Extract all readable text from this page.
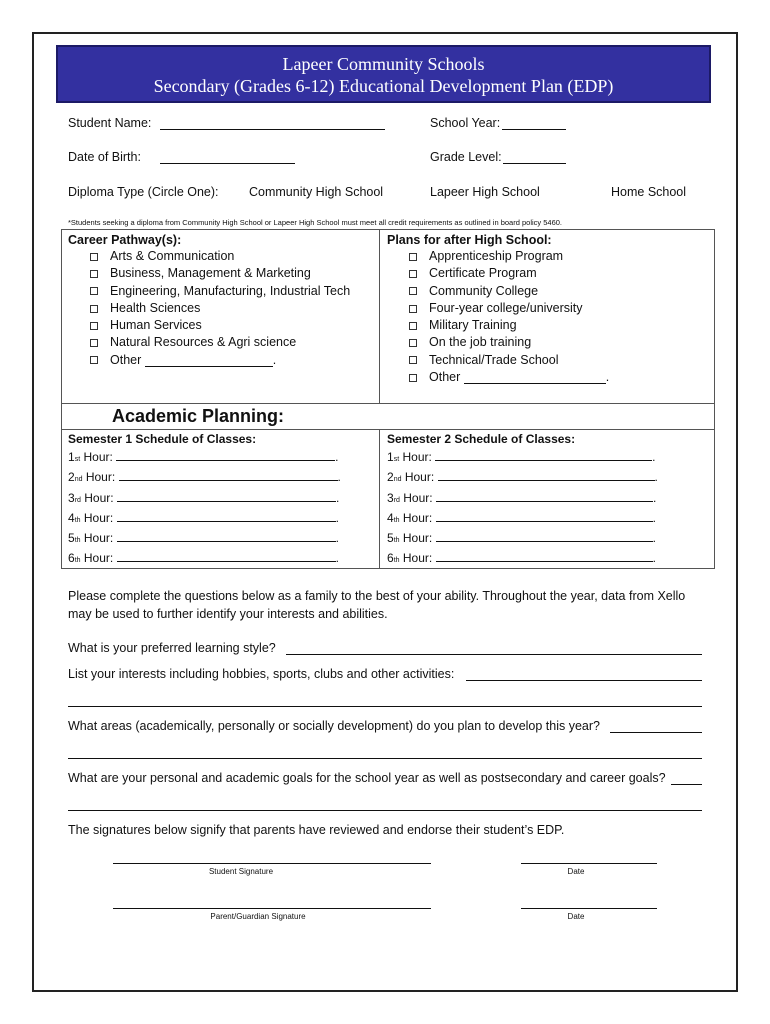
Lapeer Community Schools
Secondary (Grades 6-12) Educational Development Plan (EDP)
Student Name:	School Year:
Date of Birth:	Grade Level:
Diploma Type (Circle One): Community High School	Lapeer High School	Home School
*Students seeking a diploma from Community High School or Lapeer High School must meet all credit requirements as outlined in board policy 5460.
Career Pathway(s):
Arts & Communication
Business, Management & Marketing
Engineering, Manufacturing, Industrial Tech
Health Sciences
Human Services
Natural Resources & Agri science
Other
	.
Plans for after High School:
Apprenticeship Program
Certificate Program
Community College
Four-year college/university
Military Training
On the job training
Technical/Trade School
Other
	.
Academic Planning:
Semester 1 Schedule of Classes:
1 st
Hour:
	.
2 nd
Hour:
	.
3 rd
Hour:
	.
4 th
Hour:
	.
5 th
Hour:
	.
6 th
Hour:
	.
Semester 2 Schedule of Classes:
1 st
Hour:
	.
2 nd
Hour:
	.
3 rd
Hour:
	.
4 th
Hour:
	.
5 th
Hour:
	.
6 th
Hour:
	.
Please complete the questions below as a family to the best of your ability. Throughout the year, data from Xello may be used to further identify your interests and abilities.
What is your preferred learning style?
List your interests including hobbies, sports, clubs and other activities:
What areas (academically, personally or socially development) do you plan to develop this year?
What are your personal and academic goals for the school year as well as postsecondary and career goals?
The signatures below signify that parents have reviewed and endorse their student’s EDP.
Student Signature	Date
Parent/Guardian Signature	Date
